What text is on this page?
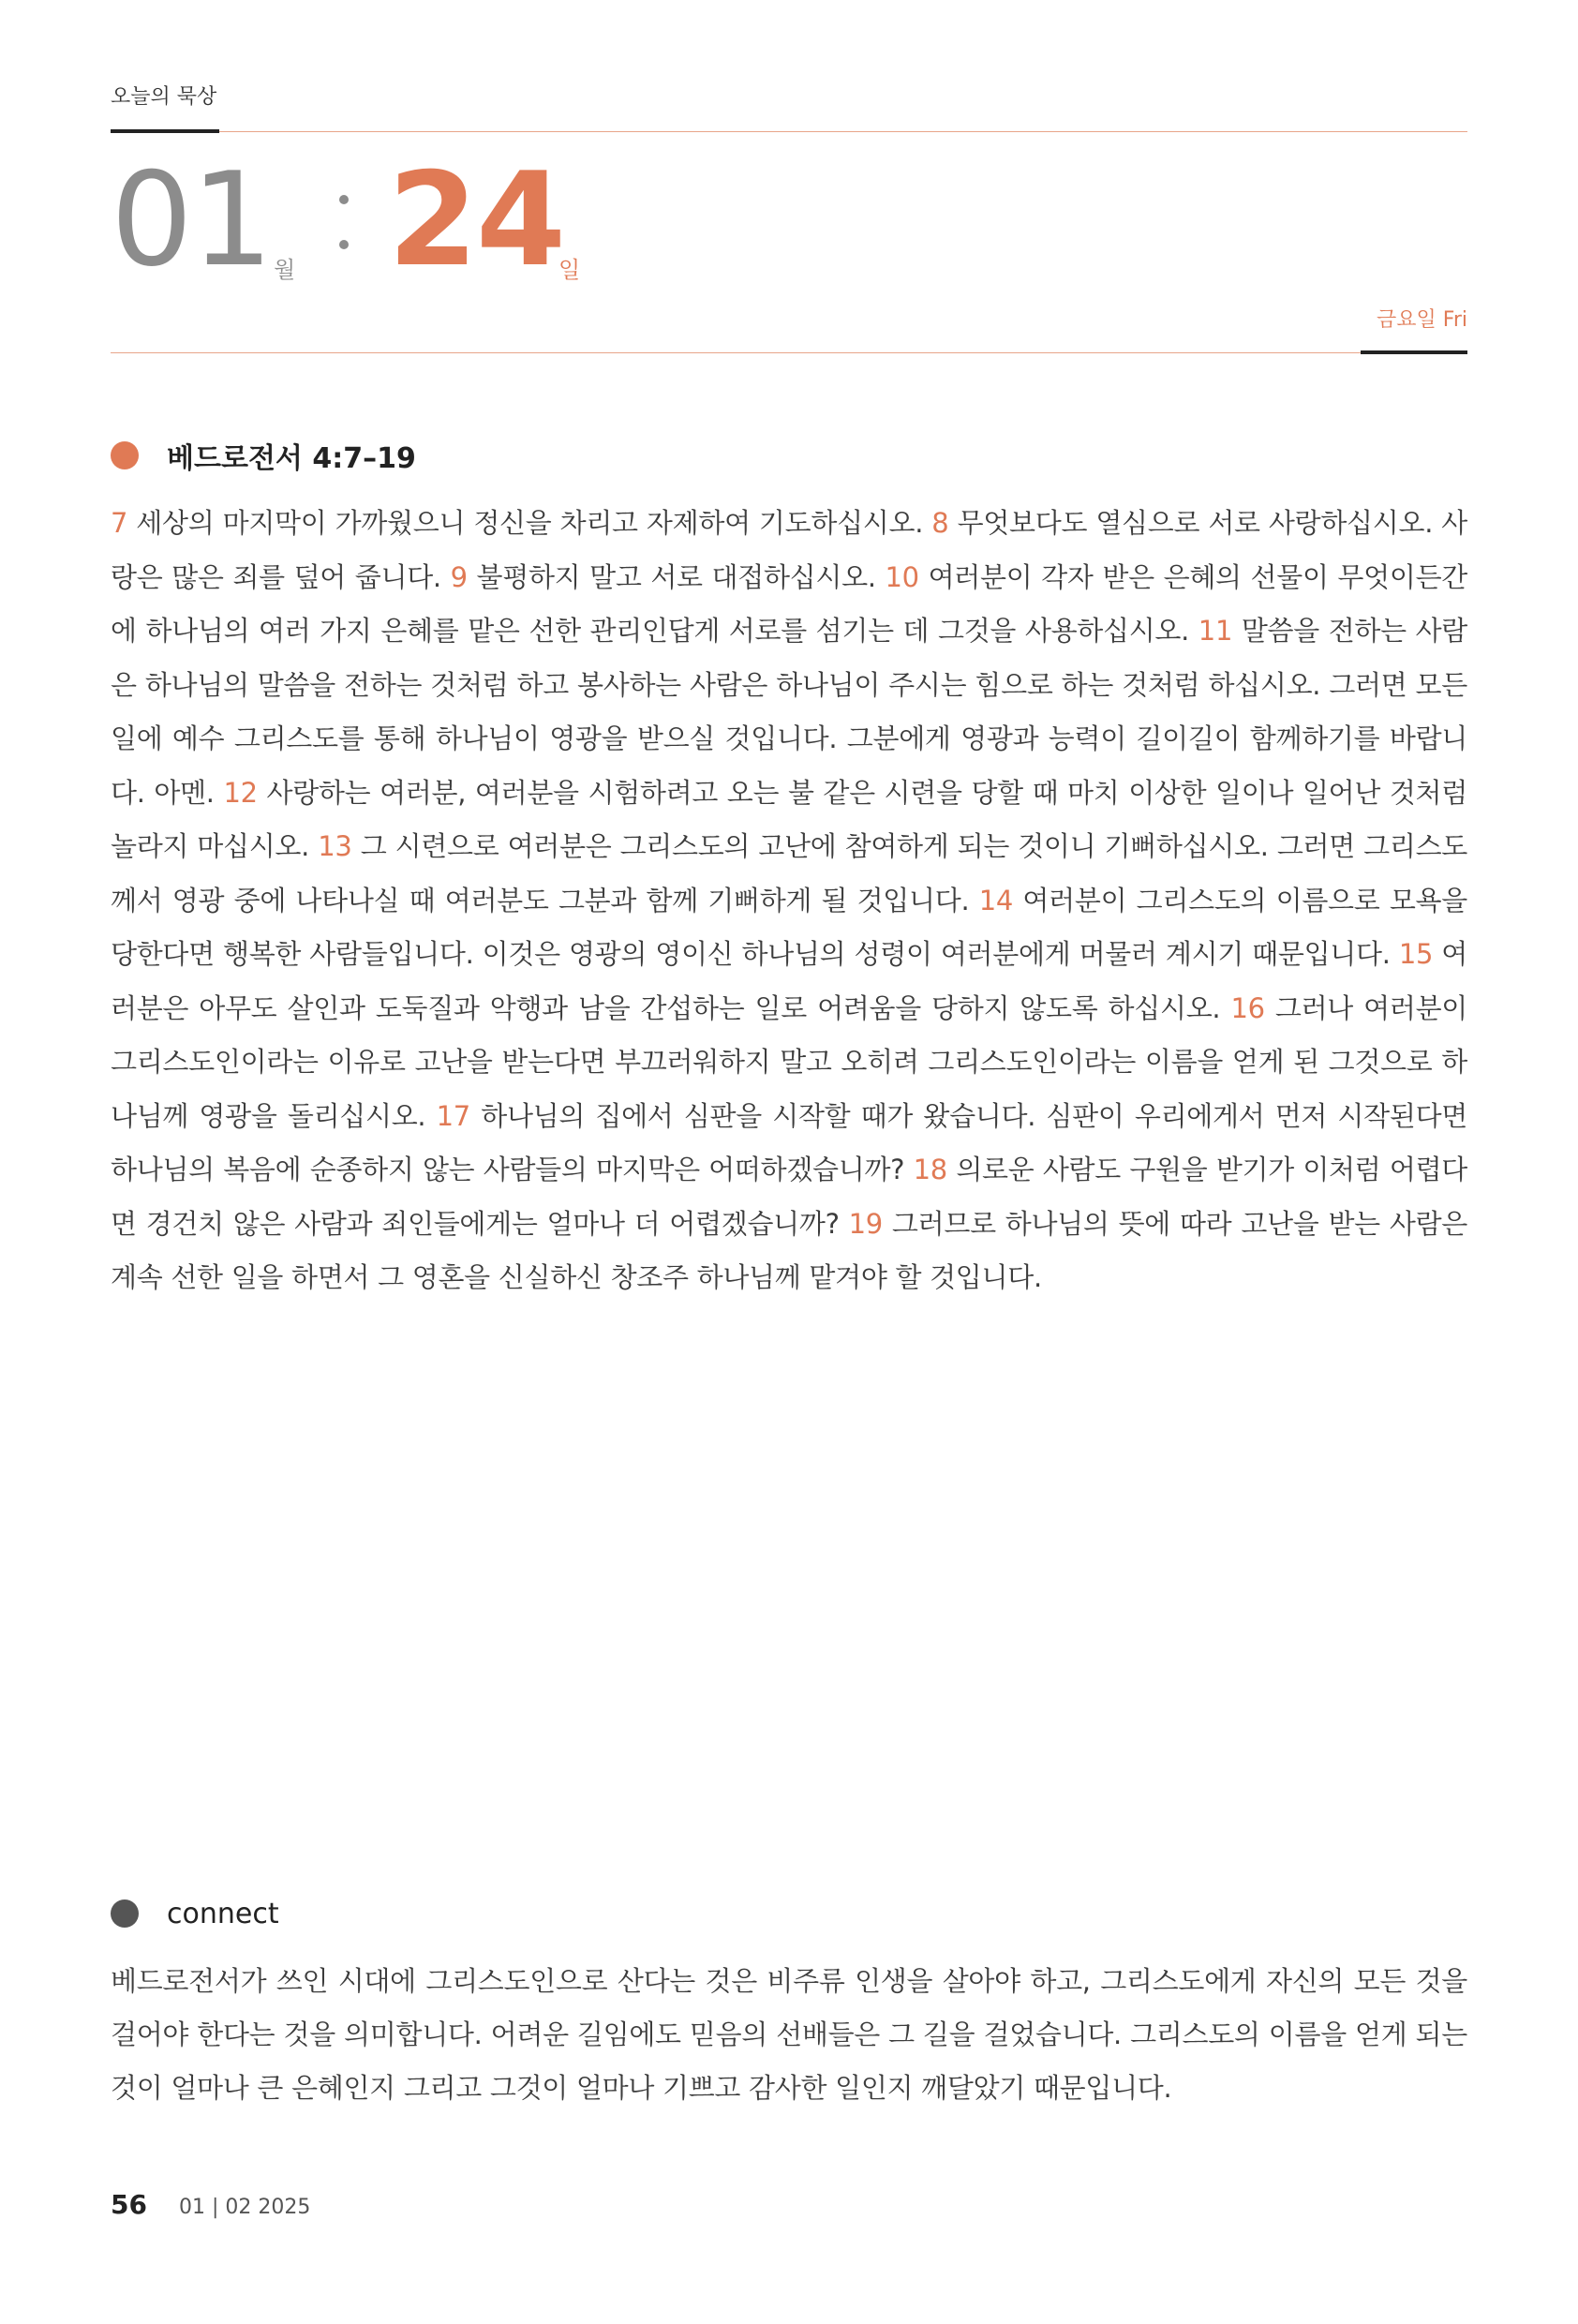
오늘의 묵상
01 월 24
일
금요일 Fri
베드로전서 4:7–19
7 세상의 마지막이 가까웠으니 정신을 차리고 자제하여 기도하십시오. 8 무엇보다도 열심으로 서로 사랑하십시오. 사랑은 많은 죄를 덮어 줍니다. 9 불평하지 말고 서로 대접하십시오. 10 여러분이 각자 받은 은혜의 선물이 무엇이든간에 하나님의 여러 가지 은혜를 맡은 선한 관리인답게 서로를 섬기는 데 그것을 사용하십시오. 11 말씀을 전하는 사람은 하나님의 말씀을 전하는 것처럼 하고 봉사하는 사람은 하나님이 주시는 힘으로 하는 것처럼 하십시오. 그러면 모든 일에 예수 그리스도를 통해 하나님이 영광을 받으실 것입니다. 그분에게 영광과 능력이 길이길이 함께하기를 바랍니다. 아멘. 12 사랑하는 여러분, 여러분을 시험하려고 오는 불 같은 시련을 당할 때 마치 이상한 일이나 일어난 것처럼 놀라지 마십시오. 13 그 시련으로 여러분은 그리스도의 고난에 참여하게 되는 것이니 기뻐하십시오. 그러면 그리스도께서 영광 중에 나타나실 때 여러분도 그분과 함께 기뻐하게 될 것입니다. 14 여러분이 그리스도의 이름으로 모욕을 당한다면 행복한 사람들입니다. 이것은 영광의 영이신 하나님의 성령이 여러분에게 머물러 계시기 때문입니다. 15 여러분은 아무도 살인과 도둑질과 악행과 남을 간섭하는 일로 어려움을 당하지 않도록 하십시오. 16 그러나 여러분이 그리스도인이라는 이유로 고난을 받는다면 부끄러워하지 말고 오히려 그리스도인이라는 이름을 얻게 된 그것으로 하나님께 영광을 돌리십시오. 17 하나님의 집에서 심판을 시작할 때가 왔습니다. 심판이 우리에게서 먼저 시작된다면 하나님의 복음에 순종하지 않는 사람들의 마지막은 어떠하겠습니까? 18 의로운 사람도 구원을 받기가 이처럼 어렵다면 경건치 않은 사람과 죄인들에게는 얼마나 더 어렵겠습니까? 19 그러므로 하나님의 뜻에 따라 고난을 받는 사람은 계속 선한 일을 하면서 그 영혼을 신실하신 창조주 하나님께 맡겨야 할 것입니다.
connect
베드로전서가 쓰인 시대에 그리스도인으로 산다는 것은 비주류 인생을 살아야 하고, 그리스도에게 자신의 모든 것을 걸어야 한다는 것을 의미합니다. 어려운 길임에도 믿음의 선배들은 그 길을 걸었습니다. 그리스도의 이름을 얻게 되는 것이 얼마나 큰 은혜인지 그리고 그것이 얼마나 기쁘고 감사한 일인지 깨달았기 때문입니다.
56 01 | 02 2025
